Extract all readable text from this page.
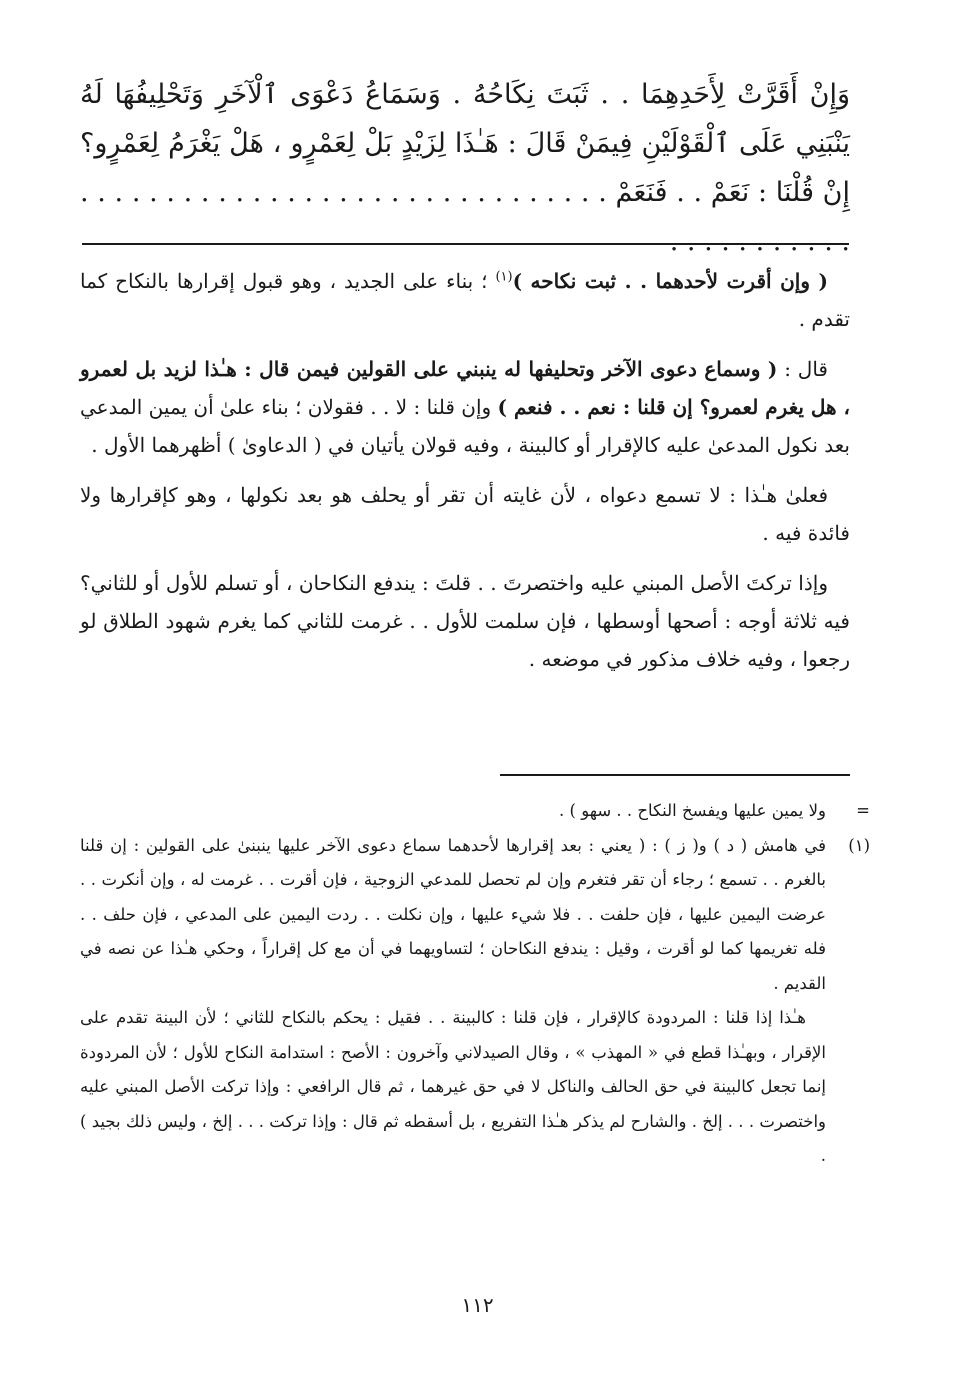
وَإِنْ أَقَرَّتْ لِأَحَدِهِمَا . . ثَبَتَ نِكَاحُهُ . وَسَمَاعُ دَعْوَى ٱلْآخَرِ وَتَحْلِيفُهَا لَهُ يَنْبَنِي عَلَى ٱلْقَوْلَيْنِ فِيمَنْ قَالَ : هَـٰذَا لِزَيْدٍ بَلْ لِعَمْرٍو ، هَلْ يَغْرَمُ لِعَمْرٍو؟ إِنْ قُلْنَا : نَعَمْ . . فَنَعَمْ . . . . . . . . . . . . . . . . . . . . . . . . . . . . . . . . . . . . . . . . . .

( وإن أقرت لأحدهما . . ثبت نكاحه )$^{(١)}$ ؛ بناء على الجديد ، وهو قبول إقرارها بالنكاح كما تقدم .

قال : ( وسماع دعوى الآخر وتحليفها له ينبني على القولين فيمن قال : هـٰذا لزيد بل لعمرو ، هل يغرم لعمرو؟ إن قلنا : نعم . . فنعم ) وإن قلنا : لا . . فقولان ؛ بناء علىٰ أن يمين المدعي بعد نكول المدعىٰ عليه كالإقرار أو كالبينة ، وفيه قولان يأتيان في ( الدعاوىٰ ) أظهرهما الأول .

فعلىٰ هـٰذا : لا تسمع دعواه ، لأن غايته أن تقر أو يحلف هو بعد نكولها ، وهو كإقرارها ولا فائدة فيه .

وإذا تركتَ الأصل المبني عليه واختصرتَ . . قلتَ : يندفع النكاحان ، أو تسلم للأول أو للثاني؟ فيه ثلاثة أوجه : أصحها أوسطها ، فإن سلمت للأول . . غرمت للثاني كما يغرم شهود الطلاق لو رجعوا ، وفيه خلاف مذكور في موضعه .

=

ولا يمين عليها ويفسخ النكاح . . سهو ) .

(١)

في هامش ( د ) و( ز ) : ( يعني : بعد إقرارها لأحدهما سماع دعوى الآخر عليها ينبنىٰ على القولين : إن قلنا بالغرم . . تسمع ؛ رجاء أن تقر فتغرم وإن لم تحصل للمدعي الزوجية ، فإن أقرت . . غرمت له ، وإن أنكرت . . عرضت اليمين عليها ، فإن حلفت . . فلا شيء عليها ، وإن نكلت . . ردت اليمين على المدعي ، فإن حلف . . فله تغريمها كما لو أقرت ، وقيل : يندفع النكاحان ؛ لتساويهما في أن مع كل إقراراً ، وحكي هـٰذا عن نصه في القديم .

هـٰذا إذا قلنا : المردودة كالإقرار ، فإن قلنا : كالبينة . . فقيل : يحكم بالنكاح للثاني ؛ لأن البينة تقدم على الإقرار ، وبهـٰذا قطع في « المهذب » ، وقال الصيدلاني وآخرون : الأصح : استدامة النكاح للأول ؛ لأن المردودة إنما تجعل كالبينة في حق الحالف والناكل لا في حق غيرهما ، ثم قال الرافعي : وإذا تركت الأصل المبني عليه واختصرت . . . إلخ . والشارح لم يذكر هـٰذا التفريع ، بل أسقطه ثم قال : وإذا تركت . . . إلخ ، وليس ذلك بجيد ) .

١١٢
